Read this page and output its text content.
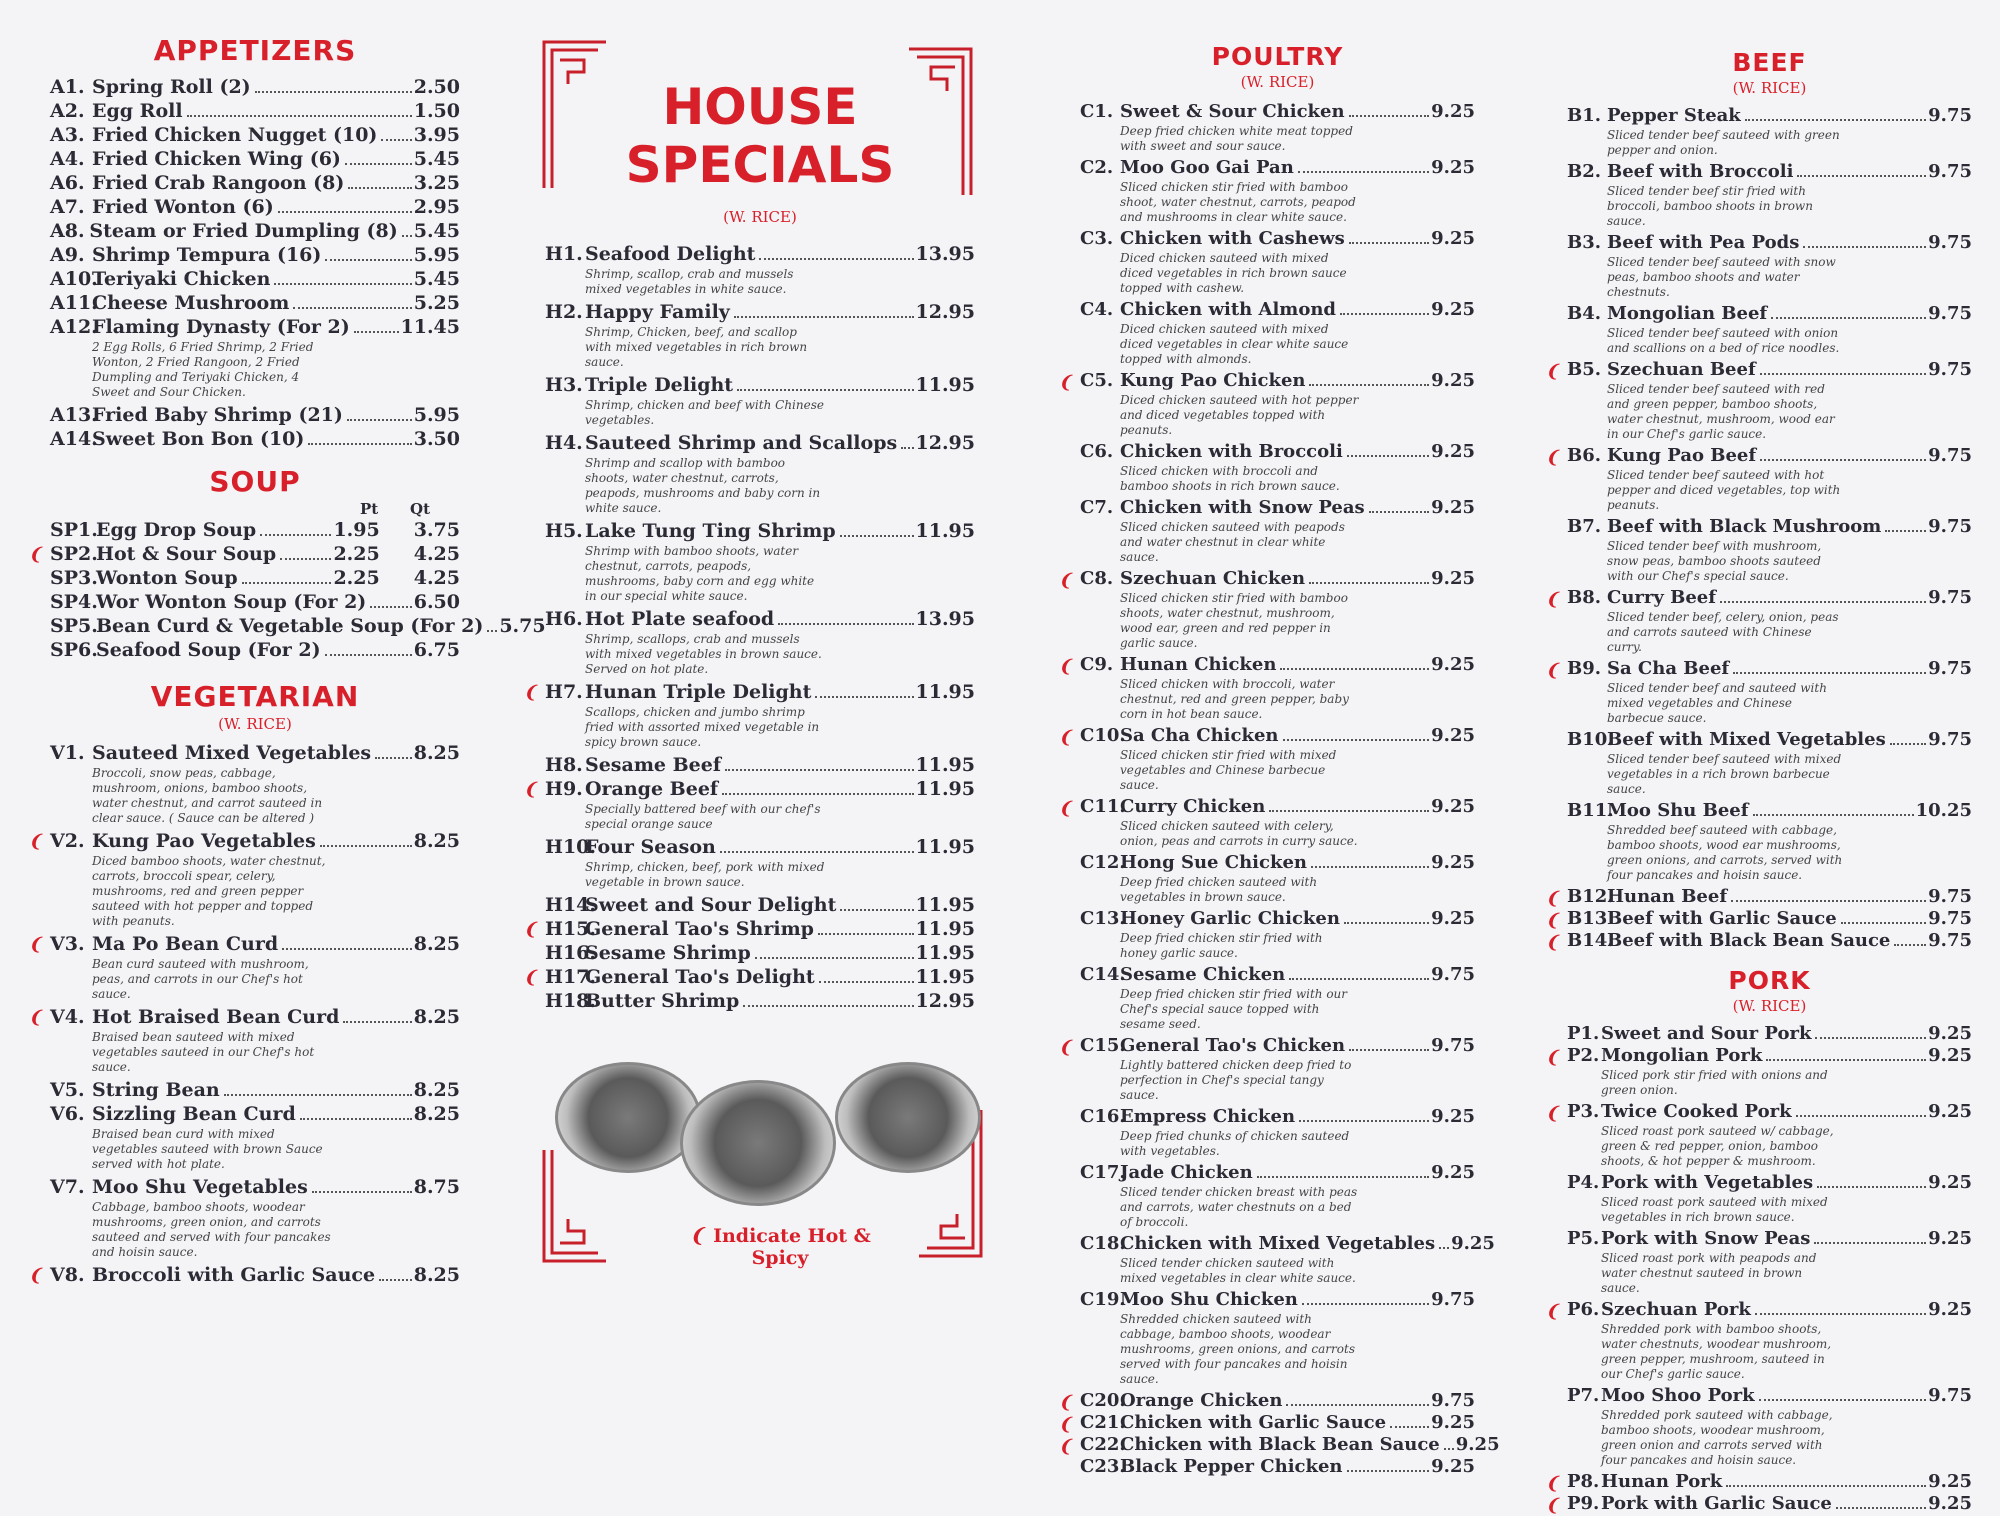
APPETIZERS
A1. Spring Roll (2)	2.50
A2. Egg Roll	1.50
A3. Fried Chicken Nugget (10) 3.95
A4. Fried Chicken Wing (6)	5.45
A6. Fried Crab Rangoon (8)	3.25
A7. Fried Wonton (6)	2.95
A8. Steam or Fried Dumpling (8) 5.45
A9. Shrimp Tempura (16)	5.95
A10.
Teriyaki Chicken	5.45
A11.
Cheese Mushroom	5.25
A12.
Flaming Dynasty (For 2)	11.45
2 Egg Rolls, 6 Fried Shrimp, 2 Fried Wonton, 2 Fried Rangoon, 2 Fried Dumpling and Teriyaki Chicken, 4 Sweet and Sour Chicken.
A13.
Fried Baby Shrimp (21)	5.95
A14.
Sweet Bon Bon (10)	3.50
SOUP
Pt	Qt
SP1.
Egg Drop Soup	1.95 3.75
❨ SP2.
Hot & Sour Soup	2.25 4.25
SP3.
Wonton Soup	2.25 4.25
SP4.
Wor Wonton Soup (For 2) 6.50
SP5.
Bean Curd & Vegetable Soup (For 2) 5.75
SP6.
Seafood Soup (For 2)	6.75
VEGETARIAN
(W. RICE)
V1. Sauteed Mixed Vegetables 8.25
Broccoli, snow peas, cabbage, mushroom, onions, bamboo shoots, water chestnut, and carrot sauteed in clear sauce. ( Sauce can be altered )
❨ V2. Kung Pao Vegetables	8.25
Diced bamboo shoots, water chestnut, carrots, broccoli spear, celery, mushrooms, red and green pepper sauteed with hot pepper and topped with peanuts.
❨ V3. Ma Po Bean Curd	8.25
Bean curd sauteed with mushroom, peas, and carrots in our Chef's hot sauce.
❨ V4. Hot Braised Bean Curd	8.25
Braised bean sauteed with mixed vegetables sauteed in our Chef's hot sauce.
V5. String Bean	8.25
V6. Sizzling Bean Curd	8.25
Braised bean curd with mixed vegetables sauteed with brown Sauce served with hot plate.
V7. Moo Shu Vegetables	8.75
Cabbage, bamboo shoots, woodear mushrooms, green onion, and carrots sauteed and served with four pancakes and hoisin sauce.
❨ V8. Broccoli with Garlic Sauce 8.25
HOUSE
SPECIALS
(W. RICE)
H1. Seafood Delight	13.95
Shrimp, scallop, crab and mussels mixed vegetables in white sauce.
H2. Happy Family	12.95
Shrimp, Chicken, beef, and scallop with mixed vegetables in rich brown sauce.
H3. Triple Delight	11.95
Shrimp, chicken and beef with Chinese vegetables.
H4. Sauteed Shrimp and Scallops 12.95
Shrimp and scallop with bamboo shoots, water chestnut, carrots, peapods, mushrooms and baby corn in white sauce.
H5. Lake Tung Ting Shrimp	11.95
Shrimp with bamboo shoots, water chestnut, carrots, peapods, mushrooms, baby corn and egg white in our special white sauce.
H6. Hot Plate seafood	13.95
Shrimp, scallops, crab and mussels with mixed vegetables in brown sauce. Served on hot plate.
❨ H7. Hunan Triple Delight	11.95
Scallops, chicken and jumbo shrimp fried with assorted mixed vegetable in spicy brown sauce.
H8. Sesame Beef	11.95
❨ H9. Orange Beef	11.95
Specially battered beef with our chef's special orange sauce
H10.
Four Season	11.95
Shrimp, chicken, beef, pork with mixed vegetable in brown sauce.
H14.
Sweet and Sour Delight	11.95
❨ H15.
General Tao's Shrimp	11.95
H16.
Sesame Shrimp	11.95
❨ H17.
General Tao's Delight	11.95
H18.
Butter Shrimp	12.95
❨ Indicate Hot & Spicy
POULTRY
(W. RICE)
C1. Sweet & Sour Chicken	9.25
Deep fried chicken white meat topped with sweet and sour sauce.
C2. Moo Goo Gai Pan	9.25
Sliced chicken stir fried with bamboo shoot, water chestnut, carrots, peapod and mushrooms in clear white sauce.
C3. Chicken with Cashews	9.25
Diced chicken sauteed with mixed diced vegetables in rich brown sauce topped with cashew.
C4. Chicken with Almond	9.25
Diced chicken sauteed with mixed diced vegetables in clear white sauce topped with almonds.
❨ C5. Kung Pao Chicken	9.25
Diced chicken sauteed with hot pepper and diced vegetables topped with peanuts.
C6. Chicken with Broccoli	9.25
Sliced chicken with broccoli and bamboo shoots in rich brown sauce.
C7. Chicken with Snow Peas	9.25
Sliced chicken sauteed with peapods and water chestnut in clear white sauce.
❨ C8. Szechuan Chicken	9.25
Sliced chicken stir fried with bamboo shoots, water chestnut, mushroom, wood ear, green and red pepper in garlic sauce.
❨ C9. Hunan Chicken	9.25
Sliced chicken with broccoli, water chestnut, red and green pepper, baby corn in hot bean sauce.
❨ C10.
Sa Cha Chicken	9.25
Sliced chicken stir fried with mixed vegetables and Chinese barbecue sauce.
❨ C11.
Curry Chicken	9.25
Sliced chicken sauteed with celery, onion, peas and carrots in curry sauce.
C12.
Hong Sue Chicken	9.25
Deep fried chicken sauteed with vegetables in brown sauce.
C13.
Honey Garlic Chicken	9.25
Deep fried chicken stir fried with honey garlic sauce.
C14.
Sesame Chicken	9.75
Deep fried chicken stir fried with our Chef's special sauce topped with sesame seed.
❨ C15.
General Tao's Chicken	9.75
Lightly battered chicken deep fried to perfection in Chef's special tangy sauce.
C16.
Empress Chicken	9.25
Deep fried chunks of chicken sauteed with vegetables.
C17.
Jade Chicken	9.25
Sliced tender chicken breast with peas and carrots, water chestnuts on a bed of broccoli.
C18.
Chicken with Mixed Vegetables 9.25
Sliced tender chicken sauteed with mixed vegetables in clear white sauce.
C19.
Moo Shu Chicken	9.75
Shredded chicken sauteed with cabbage, bamboo shoots, woodear mushrooms, green onions, and carrots served with four pancakes and hoisin sauce.
❨ C20.
Orange Chicken	9.75
❨ C21.
Chicken with Garlic Sauce	9.25
❨ C22.
Chicken with Black Bean Sauce 9.25
C23.
Black Pepper Chicken	9.25
BEEF
(W. RICE)
B1. Pepper Steak	9.75
Sliced tender beef sauteed with green pepper and onion.
B2. Beef with Broccoli	9.75
Sliced tender beef stir fried with broccoli, bamboo shoots in brown sauce.
B3. Beef with Pea Pods	9.75
Sliced tender beef sauteed with snow peas, bamboo shoots and water chestnuts.
B4. Mongolian Beef	9.75
Sliced tender beef sauteed with onion and scallions on a bed of rice noodles.
❨ B5. Szechuan Beef	9.75
Sliced tender beef sauteed with red and green pepper, bamboo shoots, water chestnut, mushroom, wood ear in our Chef's garlic sauce.
❨ B6. Kung Pao Beef	9.75
Sliced tender beef sauteed with hot pepper and diced vegetables, top with peanuts.
B7. Beef with Black Mushroom	9.75
Sliced tender beef with mushroom, snow peas, bamboo shoots sauteed with our Chef's special sauce.
❨ B8. Curry Beef	9.75
Sliced tender beef, celery, onion, peas and carrots sauteed with Chinese curry.
❨ B9. Sa Cha Beef	9.75
Sliced tender beef and sauteed with mixed vegetables and Chinese barbecue sauce.
B10.
Beef with Mixed Vegetables 9.75
Sliced tender beef sauteed with mixed vegetables in a rich brown barbecue sauce.
B11.
Moo Shu Beef	10.25
Shredded beef sauteed with cabbage, bamboo shoots, wood ear mushrooms, green onions, and carrots, served with four pancakes and hoisin sauce.
❨ B12.
Hunan Beef	9.75
❨ B13 Beef with Garlic Sauce	9.75
❨ B14.
Beef with Black Bean Sauce 9.75
PORK
(W. RICE)
P1. Sweet and Sour Pork	9.25
❨ P2. Mongolian Pork	9.25
Sliced pork stir fried with onions and green onion.
❨ P3. Twice Cooked Pork	9.25
Sliced roast pork sauteed w/ cabbage, green & red pepper, onion, bamboo shoots, & hot pepper & mushroom.
P4. Pork with Vegetables	9.25
Sliced roast pork sauteed with mixed vegetables in rich brown sauce.
P5. Pork with Snow Peas	9.25
Sliced roast pork with peapods and water chestnut sauteed in brown sauce.
❨ P6. Szechuan Pork	9.25
Shredded pork with bamboo shoots, water chestnuts, woodear mushroom, green pepper, mushroom, sauteed in our Chef's garlic sauce.
P7. Moo Shoo Pork	9.75
Shredded pork sauteed with cabbage, bamboo shoots, woodear mushroom, green onion and carrots served with four pancakes and hoisin sauce.
❨ P8. Hunan Pork	9.25
❨ P9. Pork with Garlic Sauce	9.25
